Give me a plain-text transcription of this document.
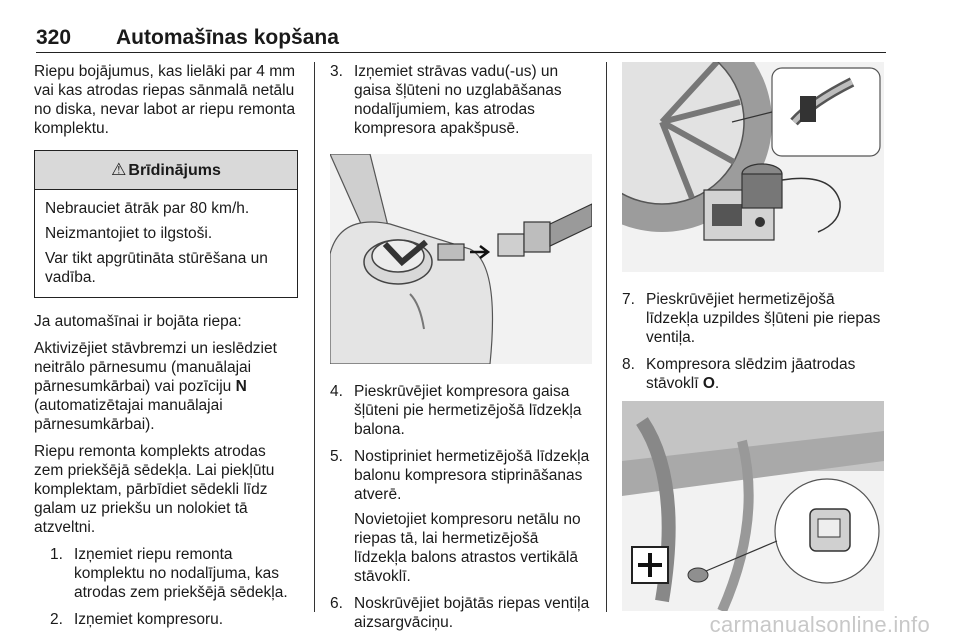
320 Automašīnas kopšana

Riepu bojājumus, kas lielāki par 4 mm vai kas atrodas riepas sānmalā netālu no diska, nevar labot ar riepu remonta komplektu.

⚠ Brīdinājums

Nebrauciet ātrāk par 80 km/h.

Neizmantojiet to ilgstoši.

Var tikt apgrūtināta stūrēšana un vadība.

Ja automašīnai ir bojāta riepa:

Aktivizējiet stāvbremzi un ieslēdziet neitrālo pārnesumu (manuālajai pārnesumkārbai) vai pozīciju N (automatizētajai manuālajai pārnesumkārbai).

Riepu remonta komplekts atrodas zem priekšējā sēdekļa. Lai piekļūtu komplektam, pārbīdiet sēdekli līdz galam uz priekšu un nolokiet tā atzveltni.

1. Izņemiet riepu remonta komplektu no nodalījuma, kas atrodas zem priekšējā sēdekļa.
2. Izņemiet kompresoru.
3. Izņemiet strāvas vadu(-us) un gaisa šļūteni no uzglabāšanas nodalījumiem, kas atrodas kompresora apakšpusē.
4. Pieskrūvējiet kompresora gaisa šļūteni pie hermetizējošā līdzekļa balona.
5. Nostipriniet hermetizējošā līdzekļa balonu kompresora stiprināšanas atverē.

Novietojiet kompresoru netālu no riepas tā, lai hermetizējošā līdzekļa balons atrastos vertikālā stāvoklī.

6. Noskrūvējiet bojātās riepas ventiļa aizsargvāciņu.
7. Pieskrūvējiet hermetizējošā līdzekļa uzpildes šļūteni pie riepas ventiļa.
8. Kompresora slēdzim jāatrodas stāvoklī O.
carmanualsonline.info
